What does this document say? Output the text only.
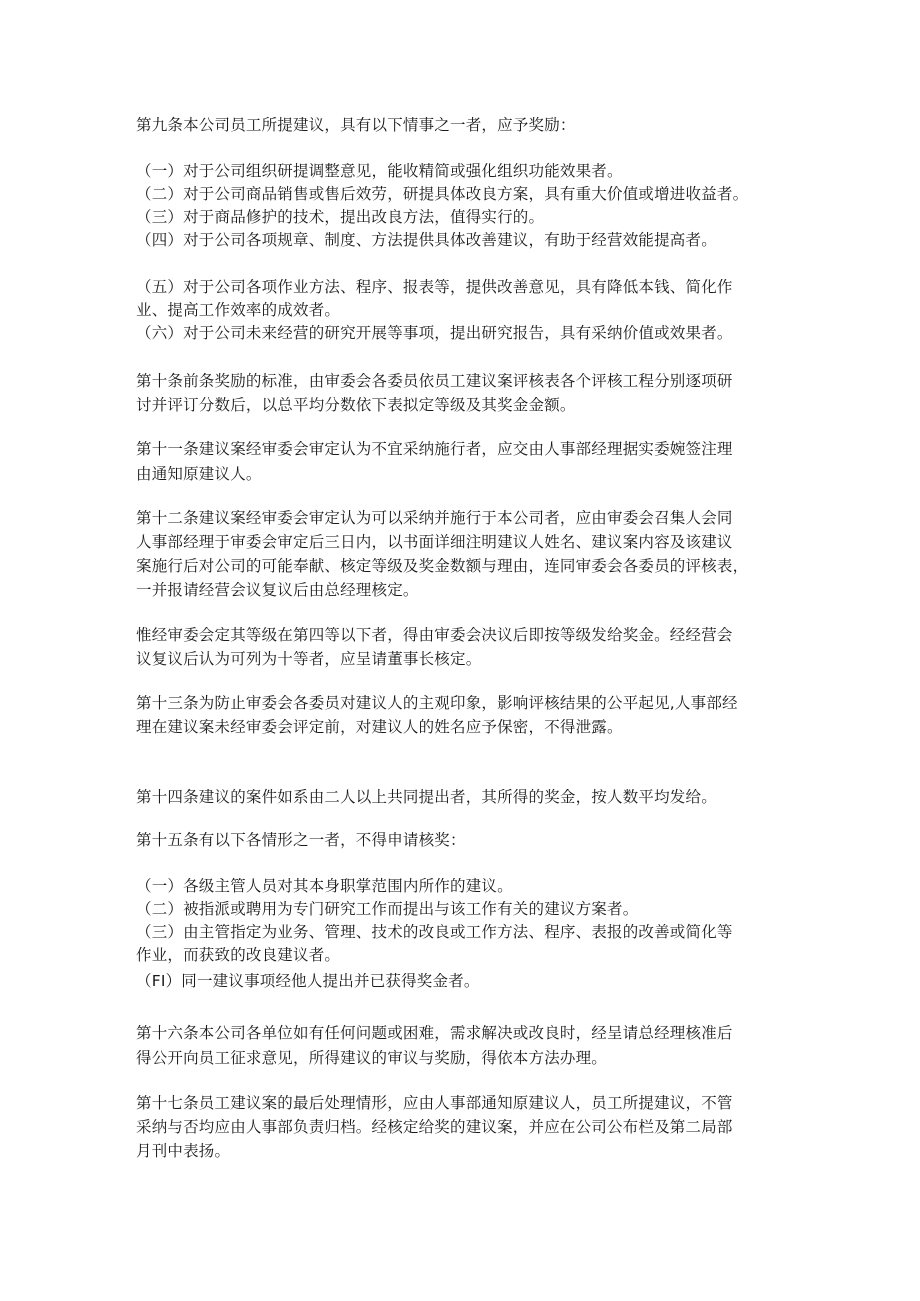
第九条本公司员工所提建议，具有以下情事之一者，应予奖励：
（一）对于公司组织研提调整意见，能收精简或强化组织功能效果者。
（二）对于公司商品销售或售后效劳，研提具体改良方案，具有重大价值或增进收益者。
（三）对于商品修护的技术，提出改良方法，值得实行的。
（四）对于公司各项规章、制度、方法提供具体改善建议，有助于经营效能提高者。
（五）对于公司各项作业方法、程序、报表等，提供改善意见，具有降低本钱、简化作
业、提高工作效率的成效者。
（六）对于公司未来经营的研究开展等事项，提出研究报告，具有采纳价值或效果者。
第十条前条奖励的标准，由审委会各委员依员工建议案评核表各个评核工程分别逐项研
讨并评订分数后，以总平均分数依下表拟定等级及其奖金金额。
第十一条建议案经审委会审定认为不宜采纳施行者，应交由人事部经理据实委婉签注理
由通知原建议人。
第十二条建议案经审委会审定认为可以采纳并施行于本公司者，应由审委会召集人会同
人事部经理于审委会审定后三日内，以书面详细注明建议人姓名、建议案内容及该建议
案施行后对公司的可能奉献、核定等级及奖金数额与理由，连同审委会各委员的评核表，
一并报请经营会议复议后由总经理核定。
惟经审委会定其等级在第四等以下者，得由审委会决议后即按等级发给奖金。经经营会
议复议后认为可列为十等者，应呈请董事长核定。
第十三条为防止审委会各委员对建议人的主观印象，影响评核结果的公平起见,人事部经
理在建议案未经审委会评定前，对建议人的姓名应予保密，不得泄露。
第十四条建议的案件如系由二人以上共同提出者，其所得的奖金，按人数平均发给。
第十五条有以下各情形之一者，不得申请核奖：
（一）各级主管人员对其本身职掌范围内所作的建议。
（二）被指派或聘用为专门研究工作而提出与该工作有关的建议方案者。
（三）由主管指定为业务、管理、技术的改良或工作方法、程序、表报的改善或简化等
作业，而获致的改良建议者。
（FI）同一建议事项经他人提出并已获得奖金者。
第十六条本公司各单位如有任何问题或困难，需求解决或改良时，经呈请总经理核准后
得公开向员工征求意见，所得建议的审议与奖励，得依本方法办理。
第十七条员工建议案的最后处理情形，应由人事部通知原建议人，员工所提建议，不管
采纳与否均应由人事部负责归档。经核定给奖的建议案，并应在公司公布栏及第二局部
月刊中表扬。
